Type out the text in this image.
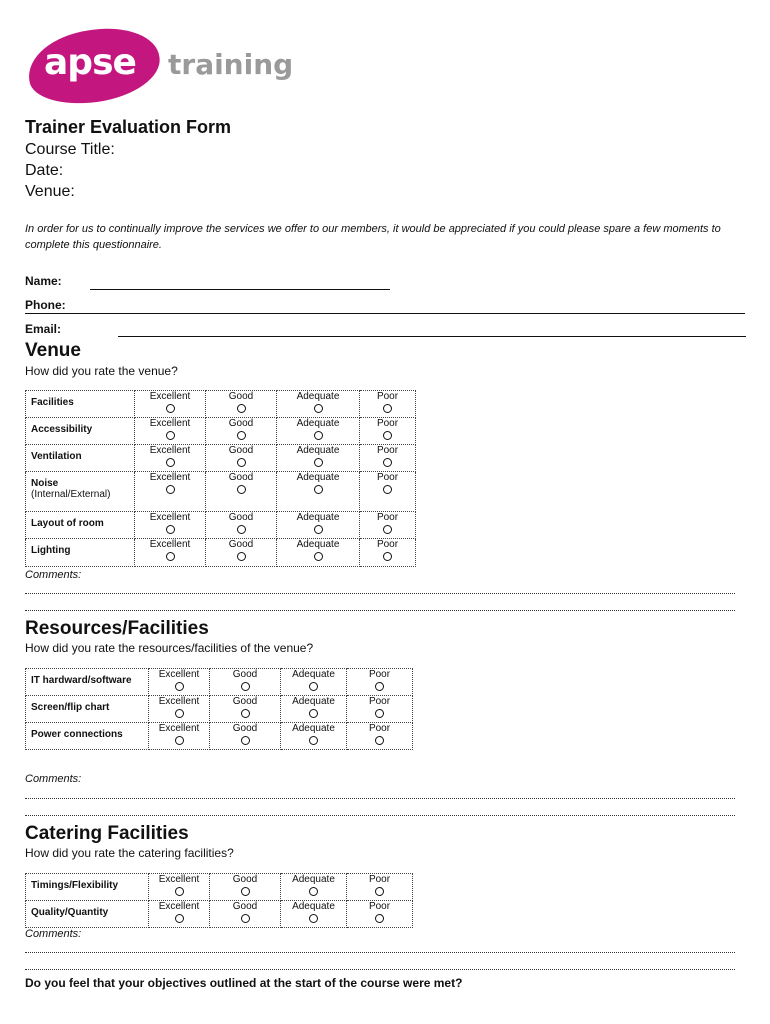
apse training
Trainer Evaluation Form
Course Title:
Date:
Venue:
In order for us to continually improve the services we offer to our members, it would be appreciated if you could please spare a few moments to complete this questionnaire.
Name:
Phone:
Email:
Venue
How did you rate the venue?
Facilities	Excellent	Good	Adequate	Poor

Accessibility	Excellent	Good	Adequate	Poor

Ventilation	Excellent	Good	Adequate	Poor

Noise
(Internal/External)	Excellent	Good	Adequate	Poor

Layout of room	Excellent	Good	Adequate	Poor

Lighting	Excellent	Good	Adequate	Poor
Comments:
Resources/Facilities
How did you rate the resources/facilities of the venue?
IT hardward/software	Excellent	Good	Adequate	Poor

Screen/flip chart	Excellent	Good	Adequate	Poor

Power connections	Excellent	Good	Adequate	Poor
Comments:
Catering Facilities
How did you rate the catering facilities?
Timings/Flexibility	Excellent	Good	Adequate	Poor

Quality/Quantity	Excellent	Good	Adequate	Poor
Comments:
Do you feel that your objectives outlined at the start of the course were met?
